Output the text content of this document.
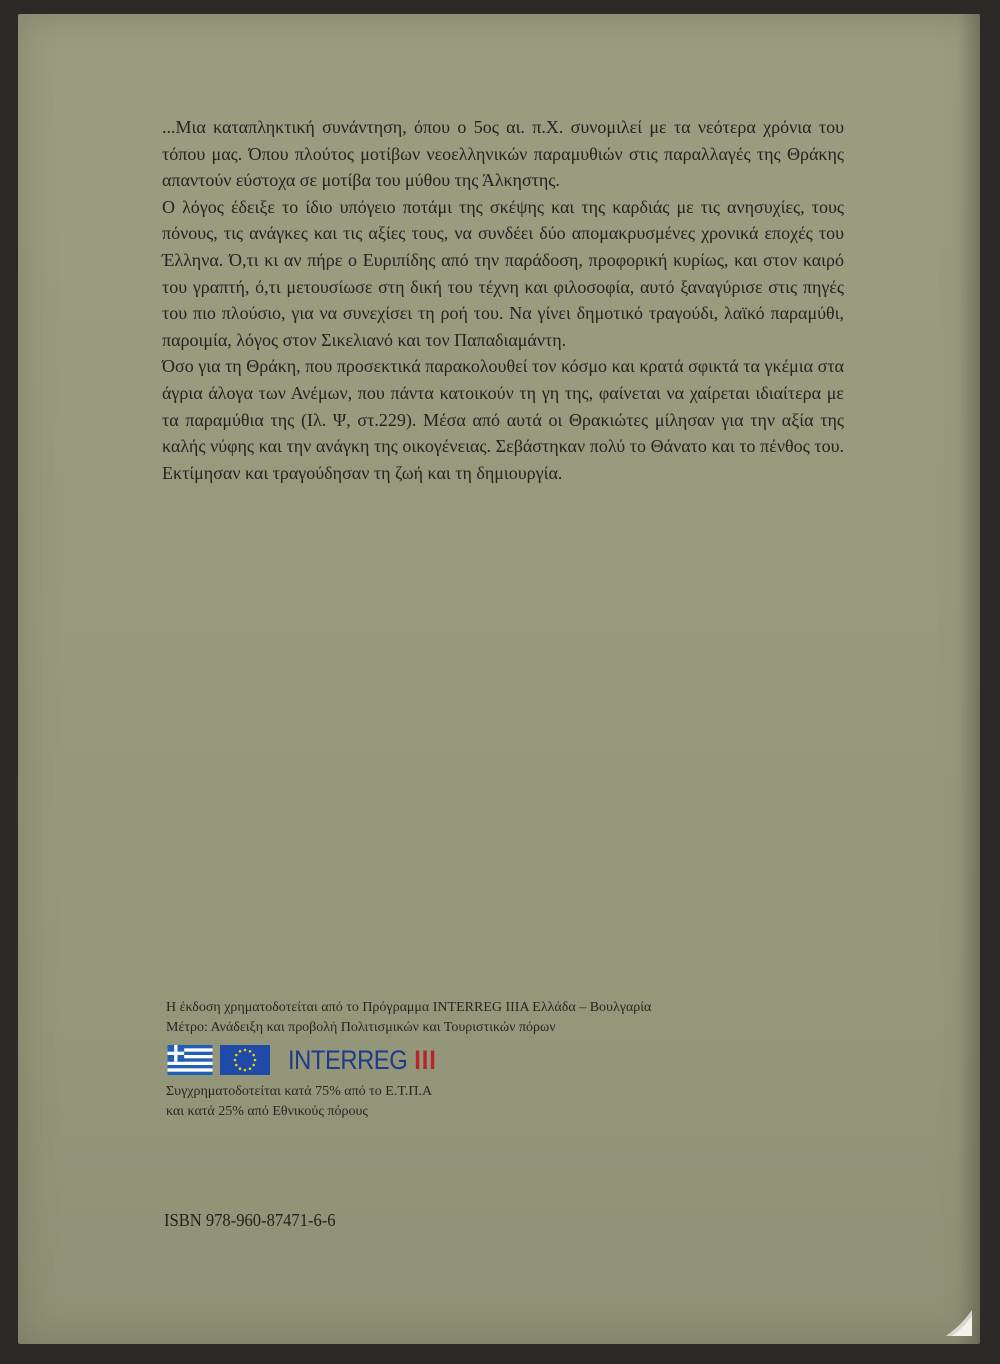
...Μια καταπληκτική συνάντηση, όπου ο 5ος αι. π.Χ. συνομιλεί με τα νεότερα χρόνια του τόπου μας. Όπου πλούτος μοτίβων νεοελληνικών παραμυθιών στις παραλλαγές της Θράκης απαντούν εύστοχα σε μοτίβα του μύθου της Άλκηστης.

Ο λόγος έδειξε το ίδιο υπόγειο ποτάμι της σκέψης και της καρδιάς με τις ανησυχίες, τους πόνους, τις ανάγκες και τις αξίες τους, να συνδέει δύο απομακρυσμένες χρονικά εποχές του Έλληνα. Ό,τι κι αν πήρε ο Ευριπίδης από την παράδοση, προφορική κυρίως, και στον καιρό του γραπτή, ό,τι μετουσίωσε στη δική του τέχνη και φιλοσοφία, αυτό ξαναγύρισε στις πηγές του πιο πλούσιο, για να συνεχίσει τη ροή του. Να γίνει δημοτικό τραγούδι, λαϊκό παραμύθι, παροιμία, λόγος στον Σικελιανό και τον Παπαδιαμάντη.

Όσο για τη Θράκη, που προσεκτικά παρακολουθεί τον κόσμο και κρατά σφικτά τα γκέμια στα άγρια άλογα των Ανέμων, που πάντα κατοικούν τη γη της, φαίνεται να χαίρεται ιδιαίτερα με τα παραμύθια της (Ιλ. Ψ, στ.229). Μέσα από αυτά οι Θρακιώτες μίλησαν για την αξία της καλής νύφης και την ανάγκη της οικογένειας. Σεβάστηκαν πολύ το Θάνατο και το πένθος του. Εκτίμησαν και τραγούδησαν τη ζωή και τη δημιουργία.

Η έκδοση χρηματοδοτείται από το Πρόγραμμα INTERREG IIIA Ελλάδα – Βουλγαρία
Μέτρο: Ανάδειξη και προβολή Πολιτισμικών και Τουριστικών πόρων
INTERREG III
Συγχρηματοδοτείται κατά 75% από το Ε.Τ.Π.Α
και κατά 25% από Εθνικούς πόρους
ISBN 978-960-87471-6-6
